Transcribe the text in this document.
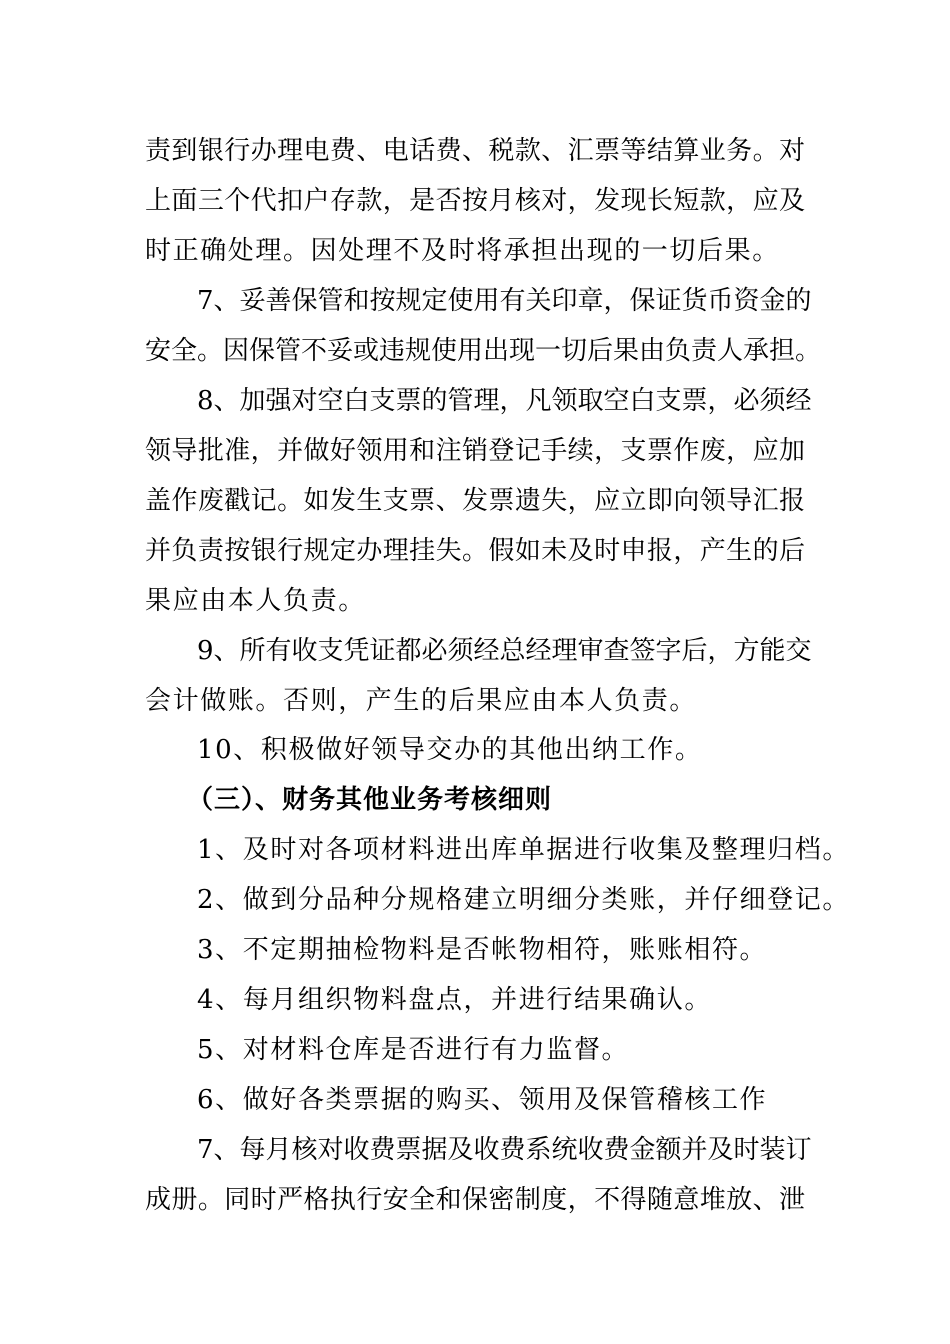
责到银行办理电费、电话费、税款、汇票等结算业务。对
上面三个代扣户存款，是否按月核对，发现长短款，应及
时正确处理。因处理不及时将承担出现的一切后果。
7、妥善保管和按规定使用有关印章，保证货币资金的
安全。因保管不妥或违规使用出现一切后果由负责人承担。
8、加强对空白支票的管理，凡领取空白支票，必须经
领导批准，并做好领用和注销登记手续，支票作废，应加
盖作废戳记。如发生支票、发票遗失，应立即向领导汇报
并负责按银行规定办理挂失。假如未及时申报，产生的后
果应由本人负责。
9、所有收支凭证都必须经总经理审查签字后，方能交
会计做账。否则，产生的后果应由本人负责。
10、积极做好领导交办的其他出纳工作。
（三）、财务其他业务考核细则
1、及时对各项材料进出库单据进行收集及整理归档。
2、做到分品种分规格建立明细分类账，并仔细登记。
3、不定期抽检物料是否帐物相符，账账相符。
4、每月组织物料盘点，并进行结果确认。
5、对材料仓库是否进行有力监督。
6、做好各类票据的购买、领用及保管稽核工作
7、每月核对收费票据及收费系统收费金额并及时装订
成册。同时严格执行安全和保密制度，不得随意堆放、泄
